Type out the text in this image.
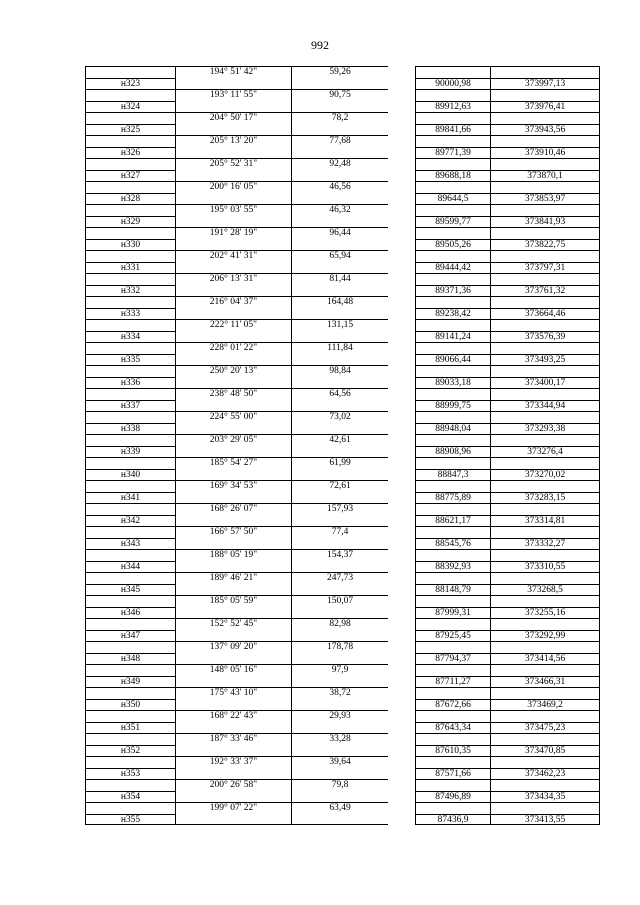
992
194° 51' 42"	59,26
н323	90000,98	373997,13
193° 11' 55"	90,75
н324	89912,63	373976,41
204° 50' 17"	78,2
н325	89841,66	373943,56
205° 13' 20"	77,68
н326	89771,39	373910,46
205° 52' 31"	92,48
н327	89688,18	373870,1
200° 16' 05"	46,56
н328	89644,5	373853,97
195° 03' 55"	46,32
н329	89599,77	373841,93
191° 28' 19"	96,44
н330	89505,26	373822,75
202° 41' 31"	65,94
н331	89444,42	373797,31
206° 13' 31"	81,44
н332	89371,36	373761,32
216° 04' 37"	164,48
н333	89238,42	373664,46
222° 11' 05"	131,15
н334	89141,24	373576,39
228° 01' 22"	111,84
н335	89066,44	373493,25
250° 20' 13"	98,84
н336	89033,18	373400,17
238° 48' 50"	64,56
н337	88999,75	373344,94
224° 55' 00"	73,02
н338	88948,04	373293,38
203° 29' 05"	42,61
н339	88908,96	373276,4
185° 54' 27"	61,99
н340	88847,3	373270,02
169° 34' 53"	72,61
н341	88775,89	373283,15
168° 26' 07"	157,93
н342	88621,17	373314,81
166° 57' 50"	77,4
н343	88545,76	373332,27
188° 05' 19"	154,37
н344	88392,93	373310,55
189° 46' 21"	247,73
н345	88148,79	373268,5
185° 05' 59"	150,07
н346	87999,31	373255,16
152° 52' 45"	82,98
н347	87925,45	373292,99
137° 09' 20"	178,78
н348	87794,37	373414,56
148° 05' 16"	97,9
н349	87711,27	373466,31
175° 43' 10"	38,72
н350	87672,66	373469,2
168° 22' 43"	29,93
н351	87643,34	373475,23
187° 33' 46"	33,28
н352	87610,35	373470,85
192° 33' 37"	39,64
н353	87571,66	373462,23
200° 26' 58"	79,8
н354	87496,89	373434,35
199° 07' 22"	63,49
н355	87436,9	373413,55
